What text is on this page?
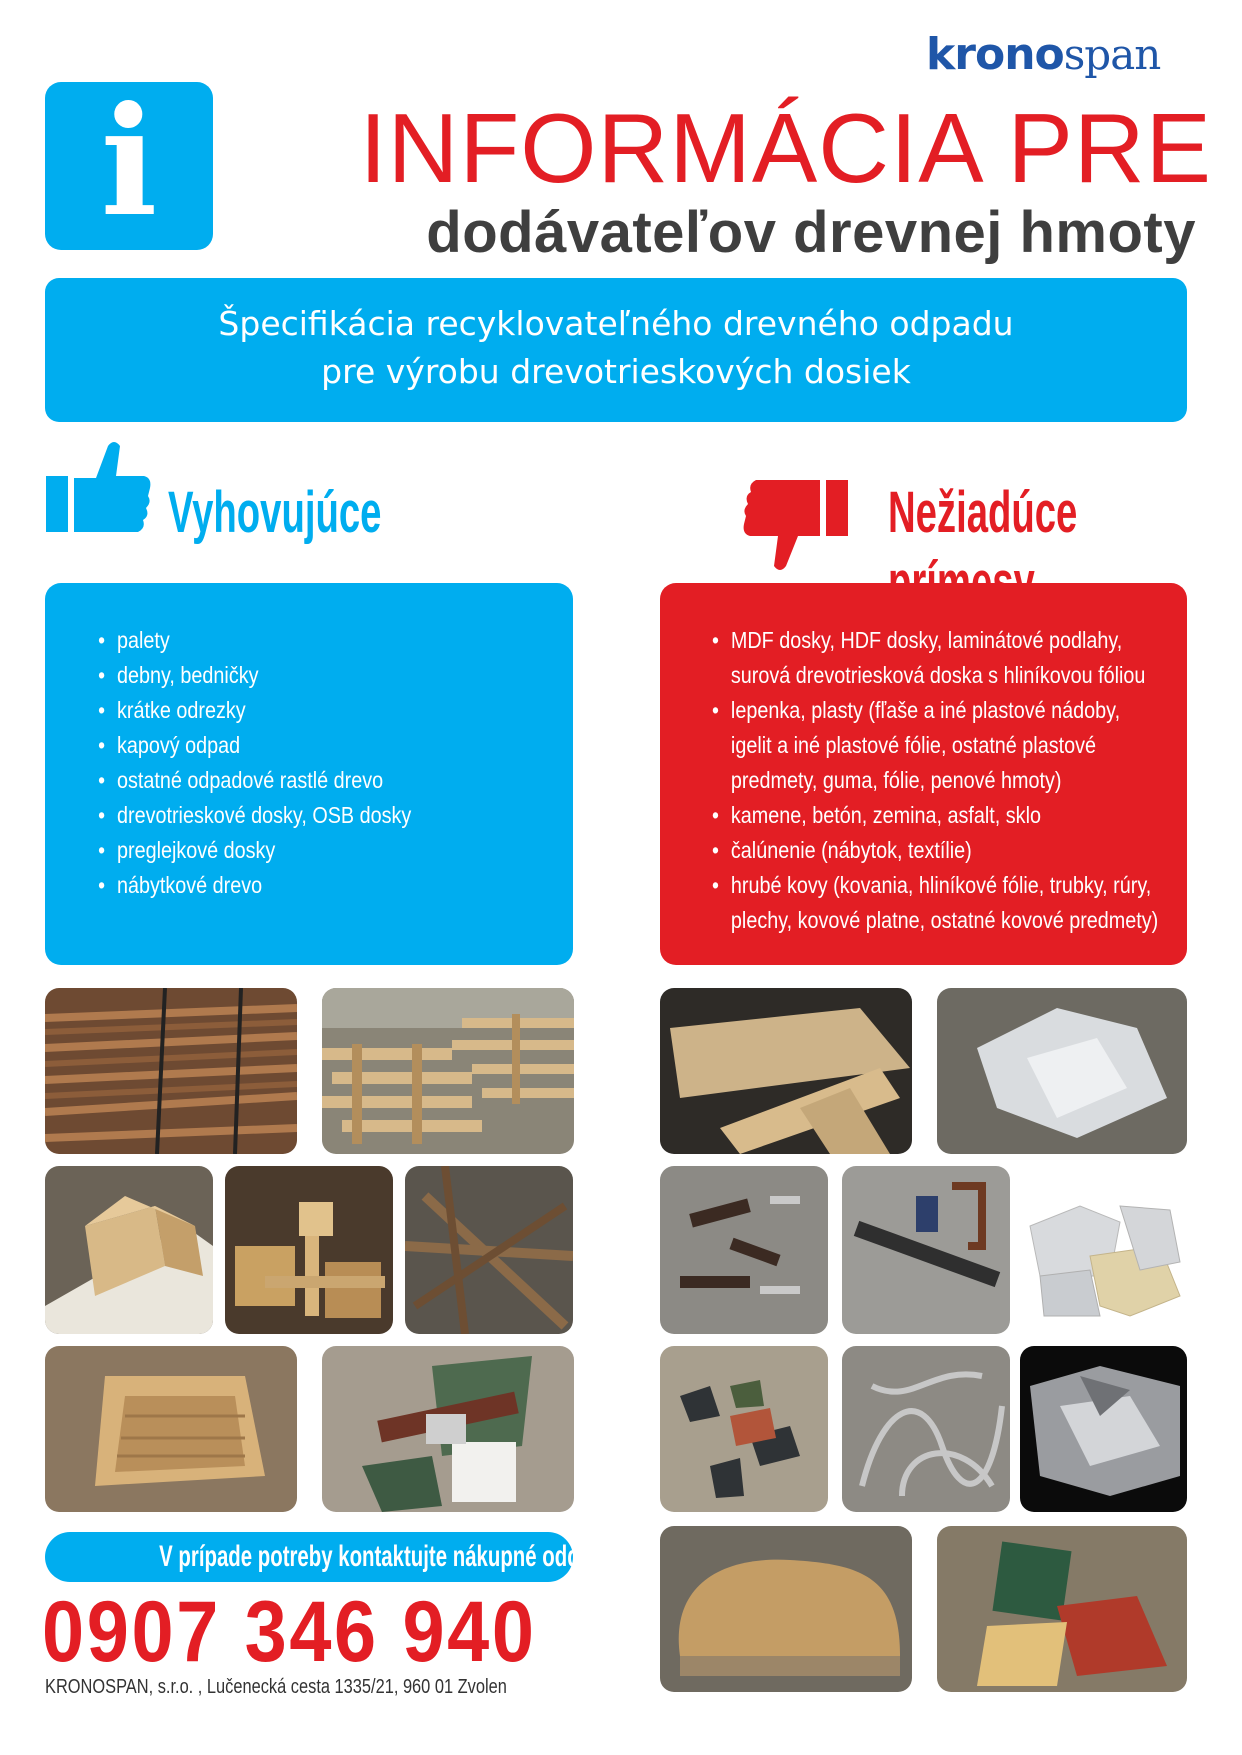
kronospan
i	INFORMÁCIA PRE
dodávateľov drevnej hmoty
Špecifikácia recyklovateľného drevného odpadu
pre výrobu drevotrieskových dosiek
Vyhovujúce	Nežiadúce
• palety
• debny, bedničky
• krátke odrezky
• kapový odpad
• ostatné odpadové rastlé drevo
• drevotrieskové dosky, OSB dosky
• preglejkové dosky
• nábytkové drevo
• MDF dosky, HDF dosky, laminátové podlahy, surová drevotriesková doska s hliníkovou fóliou
• lepenka, plasty (fľaše a iné plastové nádoby, igelit a iné plastové fólie, ostatné plastové predmety, guma, fólie, penové hmoty)
• kamene, betón, zemina, asfalt, sklo
• čalúnenie (nábytok, textílie)
• hrubé kovy (kovania, hliníkové fólie, trubky, rúry, plechy, kovové platne, ostatné kovové predmety)
V prípade potreby kontaktujte nákupné oddelenie:
0907 346 940
KRONOSPAN, s.r.o. , Lučenecká cesta 1335/21, 960 01 Zvolen
